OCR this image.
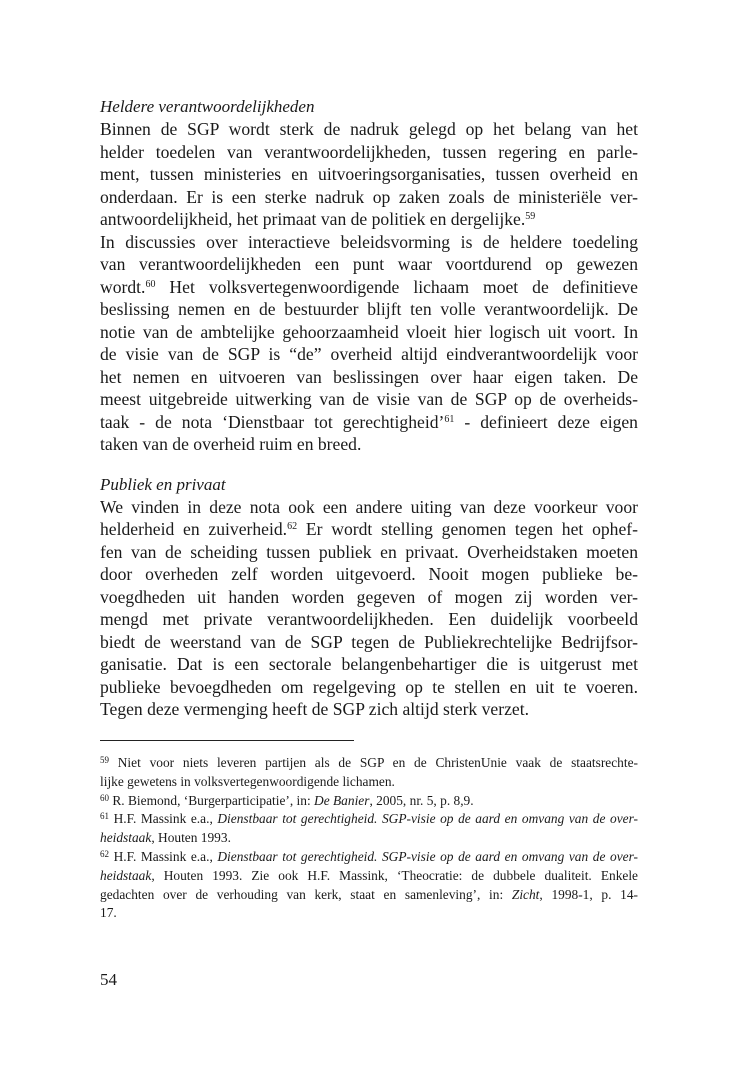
Heldere verantwoordelijkheden

Binnen de SGP wordt sterk de nadruk gelegd op het belang van het
helder toedelen van verantwoordelijkheden, tussen regering en parle-
ment, tussen ministeries en uitvoeringsorganisaties, tussen overheid en
onderdaan. Er is een sterke nadruk op zaken zoals de ministeriële ver-
antwoordelijkheid, het primaat van de politiek en dergelijke.$^{59}$

In discussies over interactieve beleidsvorming is de heldere toedeling
van verantwoordelijkheden een punt waar voortdurend op gewezen
wordt.$^{60}$ Het volksvertegenwoordigende lichaam moet de definitieve
beslissing nemen en de bestuurder blijft ten volle verantwoordelijk. De
notie van de ambtelijke gehoorzaamheid vloeit hier logisch uit voort. In
de visie van de SGP is “de” overheid altijd eindverantwoordelijk voor
het nemen en uitvoeren van beslissingen over haar eigen taken. De
meest uitgebreide uitwerking van de visie van de SGP op de overheids-
taak - de nota ‘Dienstbaar tot gerechtigheid’$^{61}$ - definieert deze eigen
taken van de overheid ruim en breed.

Publiek en privaat

We vinden in deze nota ook een andere uiting van deze voorkeur voor
helderheid en zuiverheid.$^{62}$ Er wordt stelling genomen tegen het ophef-
fen van de scheiding tussen publiek en privaat. Overheidstaken moeten
door overheden zelf worden uitgevoerd. Nooit mogen publieke be-
voegdheden uit handen worden gegeven of mogen zij worden ver-
mengd met private verantwoordelijkheden. Een duidelijk voorbeeld
biedt de weerstand van de SGP tegen de Publiekrechtelijke Bedrijfsor-
ganisatie. Dat is een sectorale belangenbehartiger die is uitgerust met
publieke bevoegdheden om regelgeving op te stellen en uit te voeren.
Tegen deze vermenging heeft de SGP zich altijd sterk verzet.

$^{59}$ Niet voor niets leveren partijen als de SGP en de ChristenUnie vaak de staatsrechte-
lijke gewetens in volksvertegenwoordigende lichamen.

$^{60}$ R. Biemond, ‘Burgerparticipatie’, in: De Banier, 2005, nr. 5, p. 8,9.

$^{61}$ H.F. Massink e.a., Dienstbaar tot gerechtigheid. SGP-visie op de aard en omvang van de over-
heidstaak, Houten 1993.

$^{62}$ H.F. Massink e.a., Dienstbaar tot gerechtigheid. SGP-visie op de aard en omvang van de over-
heidstaak, Houten 1993. Zie ook H.F. Massink, ‘Theocratie: de dubbele dualiteit. Enkele
gedachten over de verhouding van kerk, staat en samenleving’, in: Zicht, 1998-1, p. 14-
17.

54
